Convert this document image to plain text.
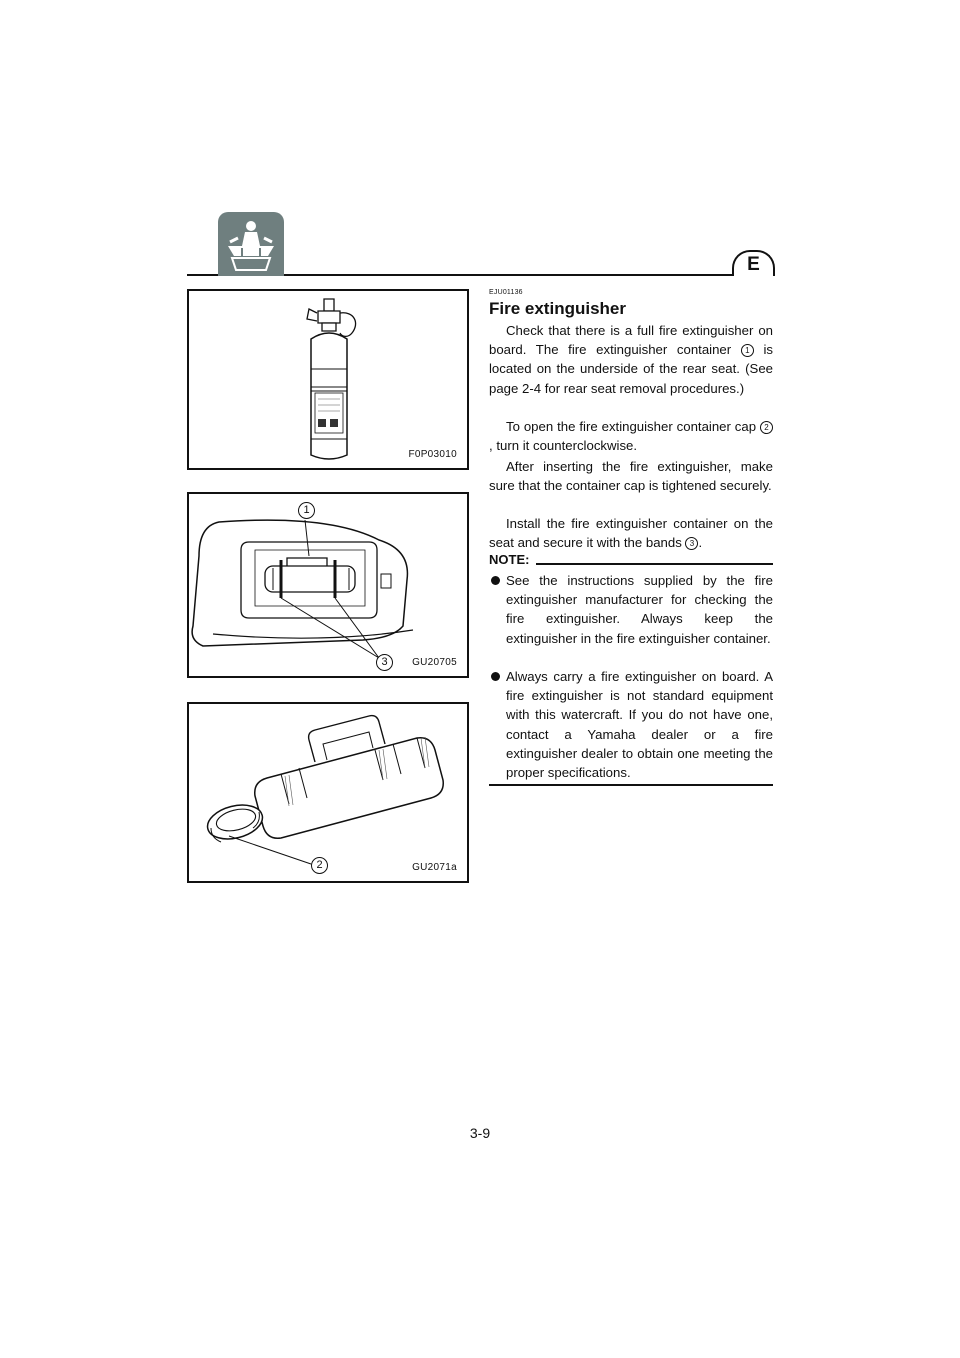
E
F0P03010
1
3	GU20705
2	GU2071a
EJU01136
Fire extinguisher

Check that there is a full fire extinguisher on board. The fire extinguisher container 1 is located on the underside of the rear seat. (See page 2-4 for rear seat removal procedures.)

To open the fire extinguisher container cap 2, turn it counterclockwise.

After inserting the fire extinguisher, make sure that the container cap is tightened securely.

Install the fire extinguisher container on the seat and secure it with the bands 3 .

NOTE:
See the instructions supplied by the fire extinguisher manufacturer for checking the fire extinguisher. Always keep the extinguisher in the fire extinguisher container.
Always carry a fire extinguisher on board. A fire extinguisher is not standard equipment with this watercraft. If you do not have one, contact a Yamaha dealer or a fire extinguisher dealer to obtain one meeting the proper specifications.
3-9
